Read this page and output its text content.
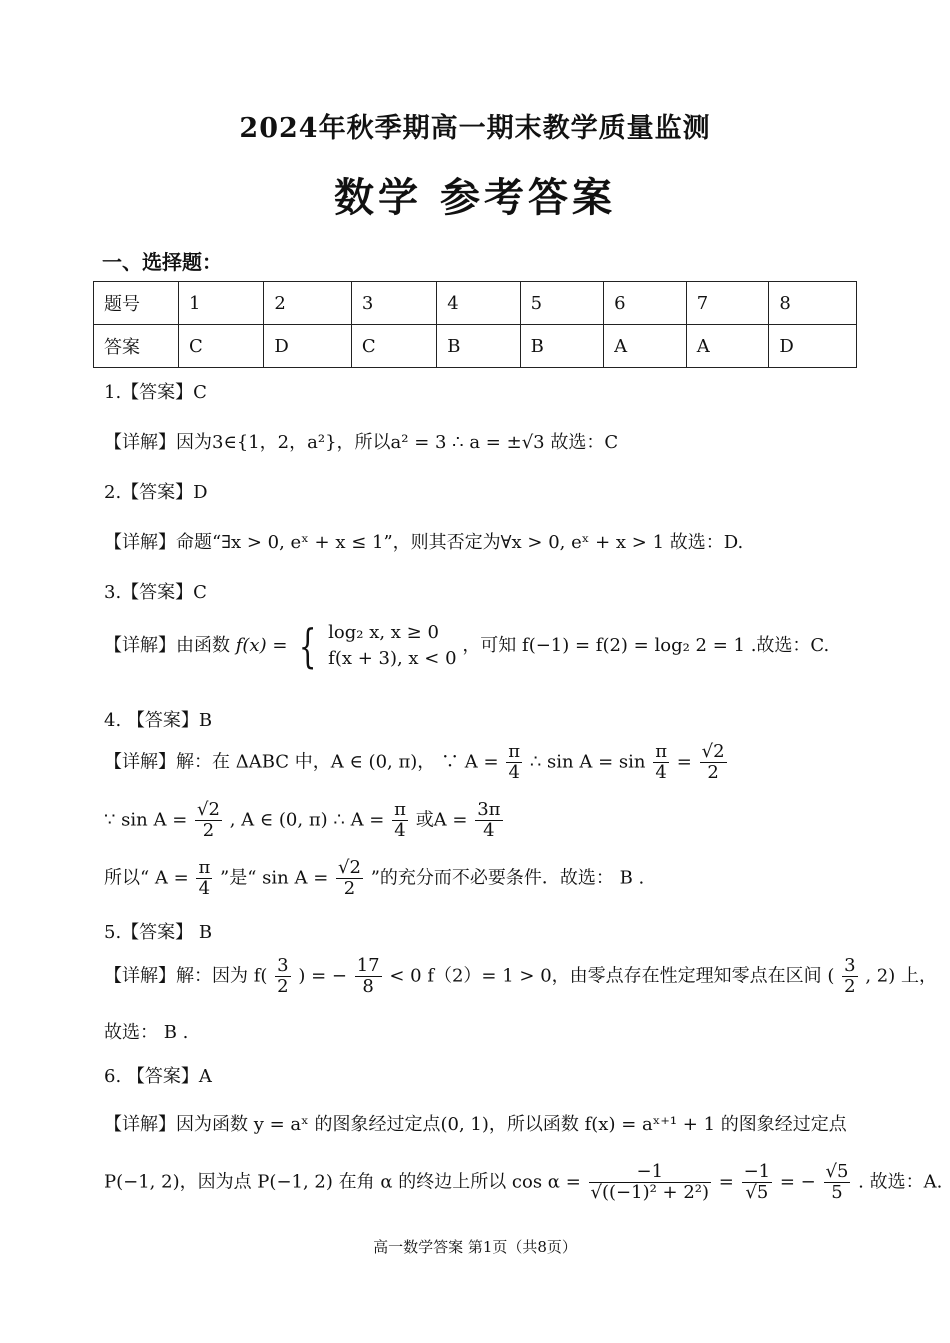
2024年秋季期高一期末教学质量监测
数学 参考答案
一、选择题：
题号	1	2	3	4	5	6	7	8
答案	C	D	C	B	B	A	A	D
1.【答案】C
【详解】因为3∈{1，2，a²}，所以a² = 3 ∴ a = ±√3 故选：C
2.【答案】D
【详解】命题“∃x > 0, eˣ + x ≤ 1”，则其否定为∀x > 0, eˣ + x > 1 故选：D.
3.【答案】C
【详解】由函数 f(x) = { log₂ x, x ≥ 0
f(x + 3), x < 0
，可知 f(−1) = f(2) = log₂ 2 = 1 .故选：C.
4. 【答案】B
【详解】解：在 ΔABC 中，A ∈ (0, π)， ∵ $A = \frac{\pi}{4}$ ∴ $\sin A = \sin \frac{\pi}{4} = \frac{√2}{2}$
∵ $\sin A = \frac{√2}{2}$ , A ∈ (0, π) ∴ $A = \frac{\pi}{4}$ 或$A = \frac{3\pi}{4}$
所以“ $A = \frac{\pi}{4}$ ”是“ $\sin A = \frac{√2}{2}$ ”的充分而不必要条件．故选： B .
5.【答案】 B
【详解】解：因为 $f( \frac{3}{2}$ ) = − $\frac{17}{8} < 0$ f（2）= 1 > 0，由零点存在性定理知零点在区间 ( $\frac{3}{2}$ , 2) 上，
故选： B .
6. 【答案】A
【详解】因为函数 y = aˣ 的图象经过定点(0, 1)，所以函数 f(x) = aˣ⁺¹ + 1 的图象经过定点
P(−1, 2)，因为点 P(−1, 2) 在角 α 的终边上所以 $\cos \alpha = \frac{-1}{\text{√((−1)² + 2²)}} = \frac{-1}{√5}$ = − $\frac{√5}{5}$ . 故选：A.
高一数学答案 第1页（共8页）
